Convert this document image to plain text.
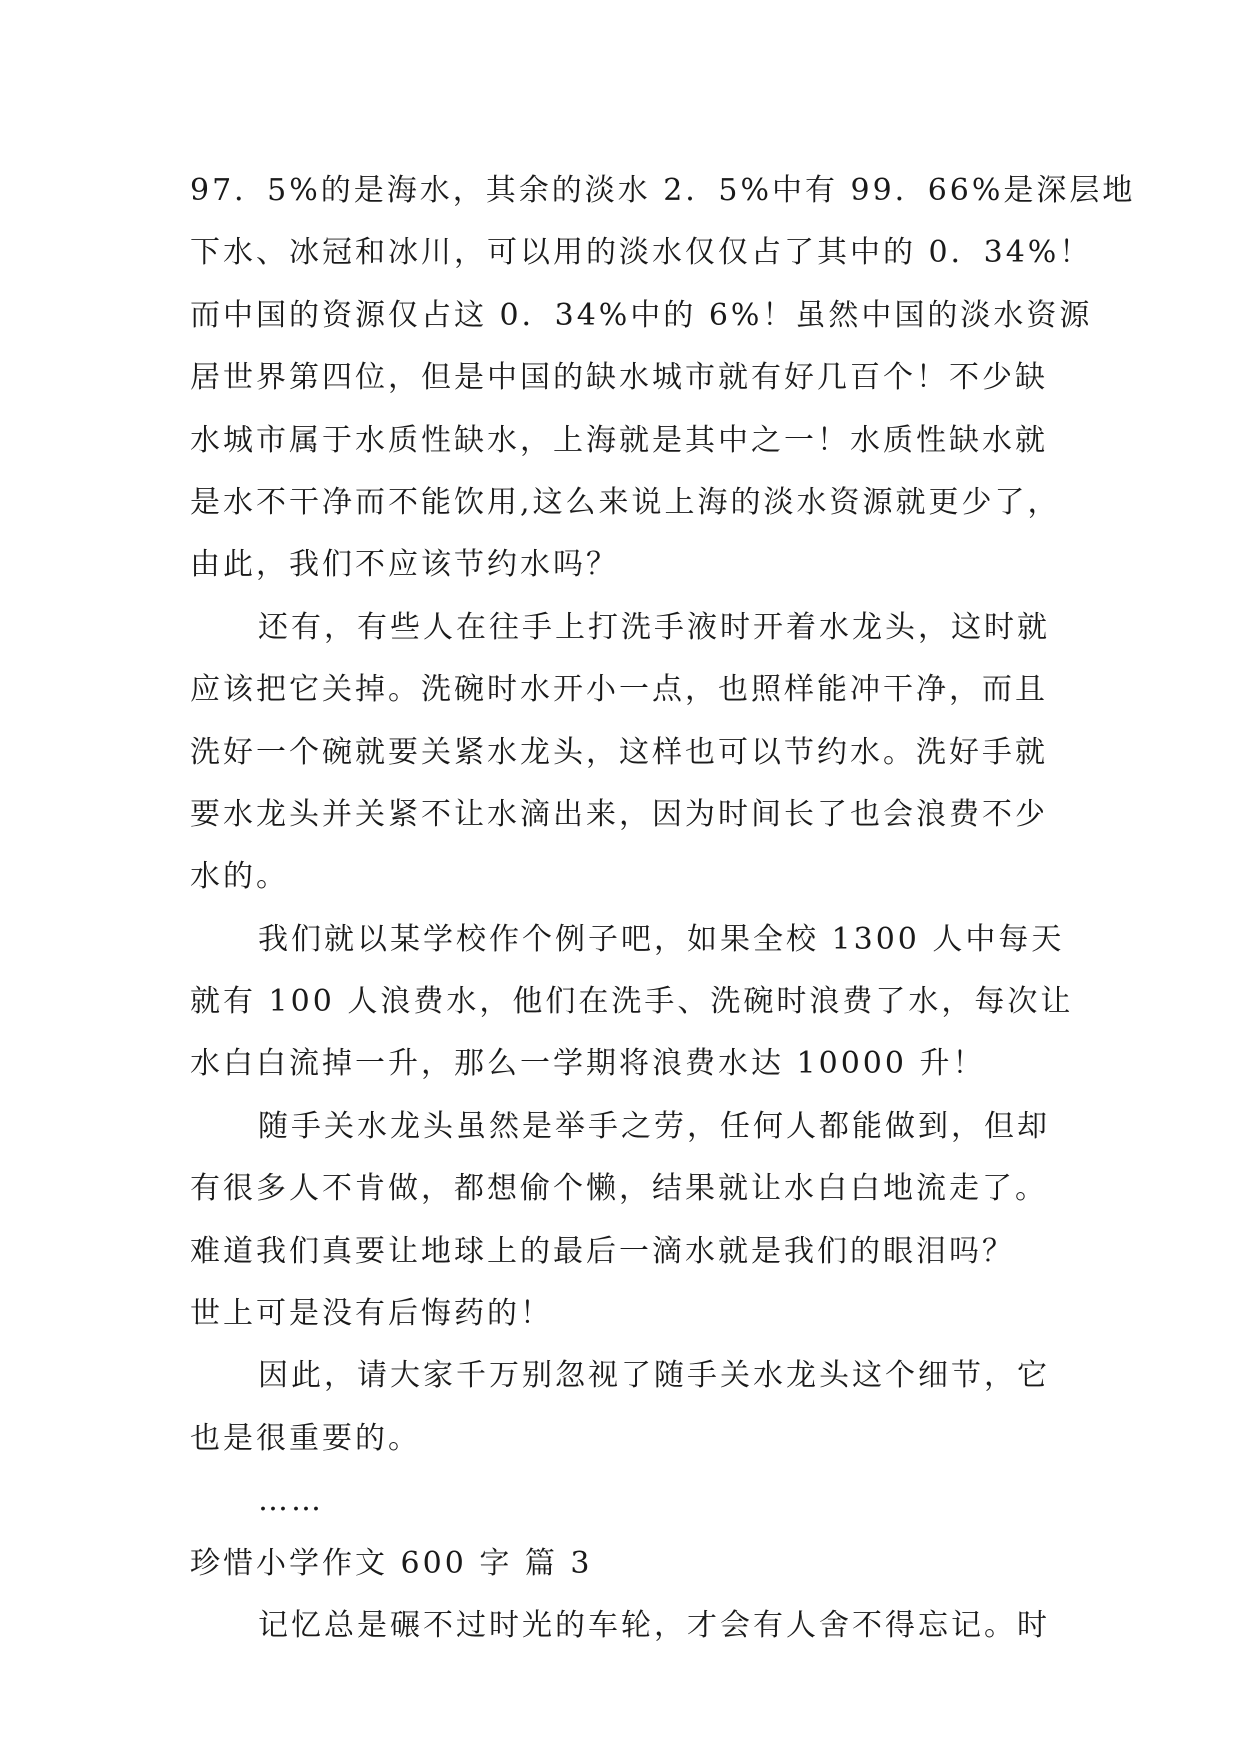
97．5%的是海水，其余的淡水 2．5%中有 99．66%是深层地
下水、冰冠和冰川，可以用的淡水仅仅占了其中的 0．34%！
而中国的资源仅占这 0．34%中的 6%！虽然中国的淡水资源
居世界第四位，但是中国的缺水城市就有好几百个！不少缺
水城市属于水质性缺水，上海就是其中之一！水质性缺水就
是水不干净而不能饮用,这么来说上海的淡水资源就更少了，
由此，我们不应该节约水吗？
还有，有些人在往手上打洗手液时开着水龙头，这时就
应该把它关掉。洗碗时水开小一点，也照样能冲干净，而且
洗好一个碗就要关紧水龙头，这样也可以节约水。洗好手就
要水龙头并关紧不让水滴出来，因为时间长了也会浪费不少
水的。
我们就以某学校作个例子吧，如果全校 1300 人中每天
就有 100 人浪费水，他们在洗手、洗碗时浪费了水，每次让
水白白流掉一升，那么一学期将浪费水达 10000 升！
随手关水龙头虽然是举手之劳，任何人都能做到，但却
有很多人不肯做，都想偷个懒，结果就让水白白地流走了。
难道我们真要让地球上的最后一滴水就是我们的眼泪吗？
世上可是没有后悔药的！
因此，请大家千万别忽视了随手关水龙头这个细节，它
也是很重要的。
……
珍惜小学作文 600 字 篇 3
记忆总是碾不过时光的车轮，才会有人舍不得忘记。时
